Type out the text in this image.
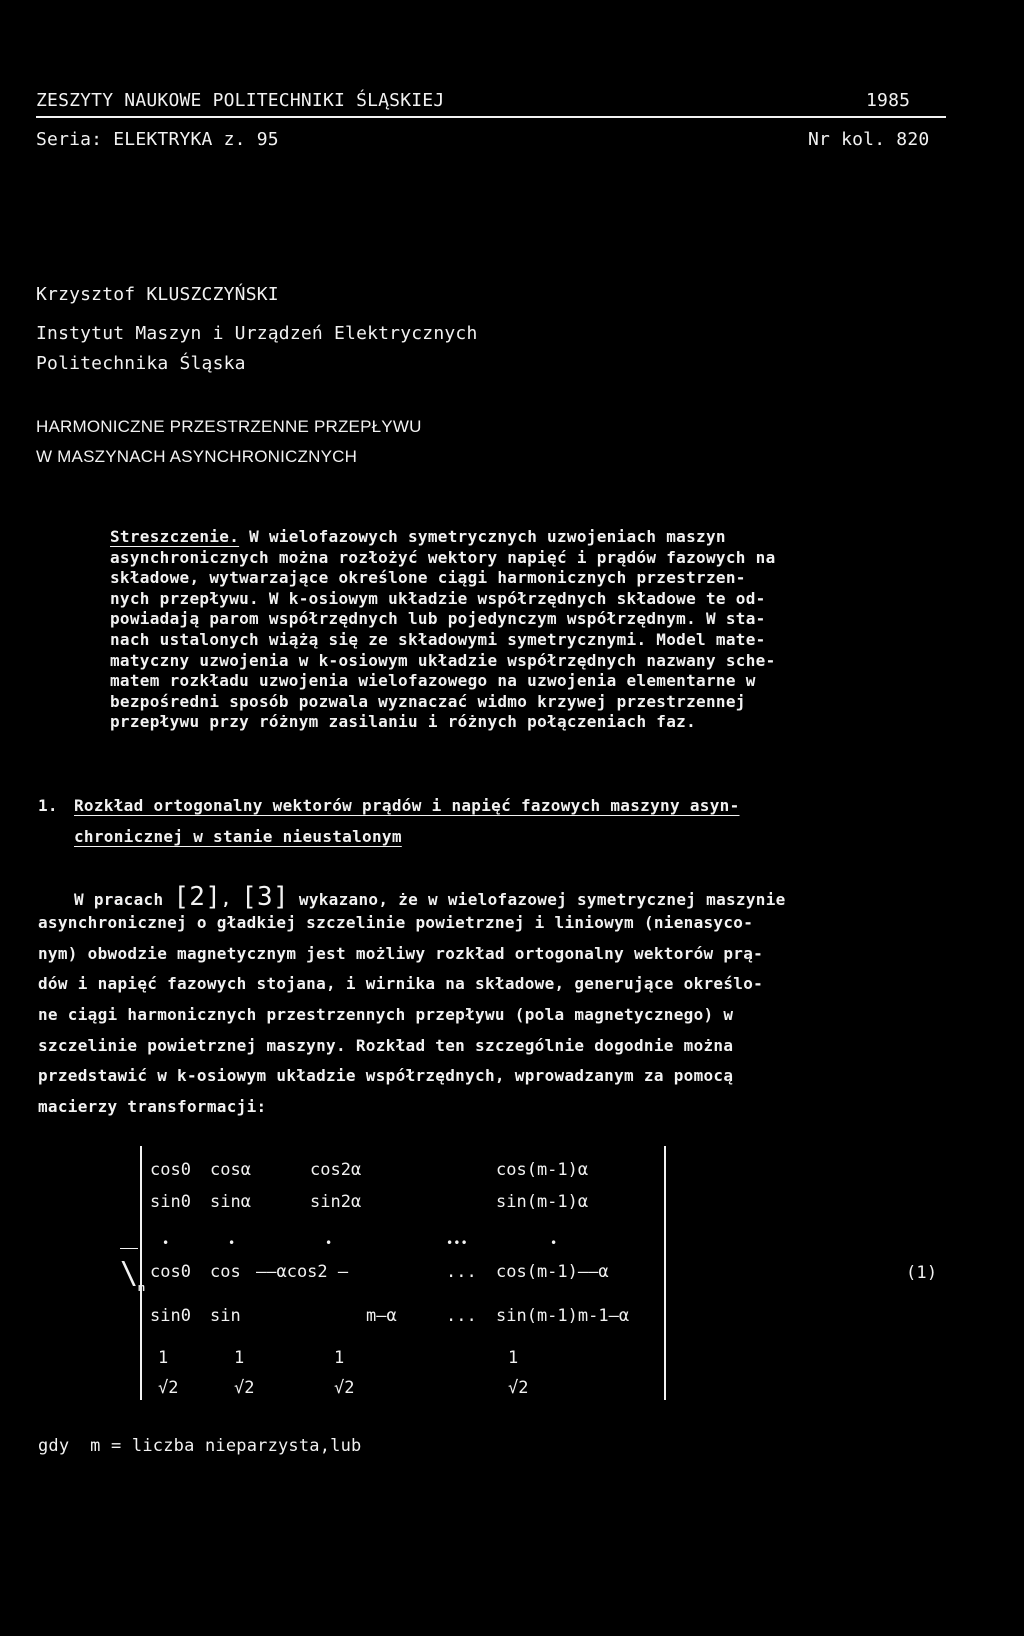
ZESZYTY NAUKOWE POLITECHNIKI ŚLĄSKIEJ	1985
Seria: ELEKTRYKA z. 95	Nr kol. 820
Krzysztof KLUSZCZYŃSKI
Instytut Maszyn i Urządzeń Elektrycznych
Politechnika Śląska
HARMONICZNE PRZESTRZENNE PRZEPŁYWU
W MASZYNACH ASYNCHRONICZNYCH
Streszczenie. W wielofazowych symetrycznych uzwojeniach maszyn
asynchronicznych można rozłożyć wektory napięć i prądów fazowych na
składowe, wytwarzające określone ciągi harmonicznych przestrzen-
nych przepływu. W k-osiowym układzie współrzędnych składowe te od-
powiadają parom współrzędnych lub pojedynczym współrzędnym. W sta-
nach ustalonych wiążą się ze składowymi symetrycznymi. Model mate-
matyczny uzwojenia w k-osiowym układzie współrzędnych nazwany sche-
matem rozkładu uzwojenia wielofazowego na uzwojenia elementarne w
bezpośredni sposób pozwala wyznaczać widmo krzywej przestrzennej
przepływu przy różnym zasilaniu i różnych połączeniach faz.
1. Rozkład ortogonalny wektorów prądów i napięć fazowych maszyny asyn-
chronicznej w stanie nieustalonym
W pracach [2], [3] wykazano, że w wielofazowej symetrycznej maszynie
asynchronicznej o gładkiej szczelinie powietrznej i liniowym (nienasyco-
nym) obwodzie magnetycznym jest możliwy rozkład ortogonalny wektorów prą-
dów i napięć fazowych stojana, i wirnika na składowe, generujące określo-
ne ciągi harmonicznych przestrzennych przepływu (pola magnetycznego) w
szczelinie powietrznej maszyny. Rozkład ten szczególnie dogodnie można
przedstawić w k-osiowym układzie współrzędnych, wprowadzanym za pomocą
macierzy transformacji:
$\backslash_m$
cos0 cosα	cos2α	cos(m-1)α
sin0 sinα	sin2α	sin(m-1)α
•	•	•	•••	•
cos0 cos ——αcos2 —	... cos(m-1)——α
sin0 sin	m—α	... sin(m-1)m-1—α
1	1	1	1
√2	√2	√2	√2
(1)
gdy  m = liczba nieparzysta,lub
